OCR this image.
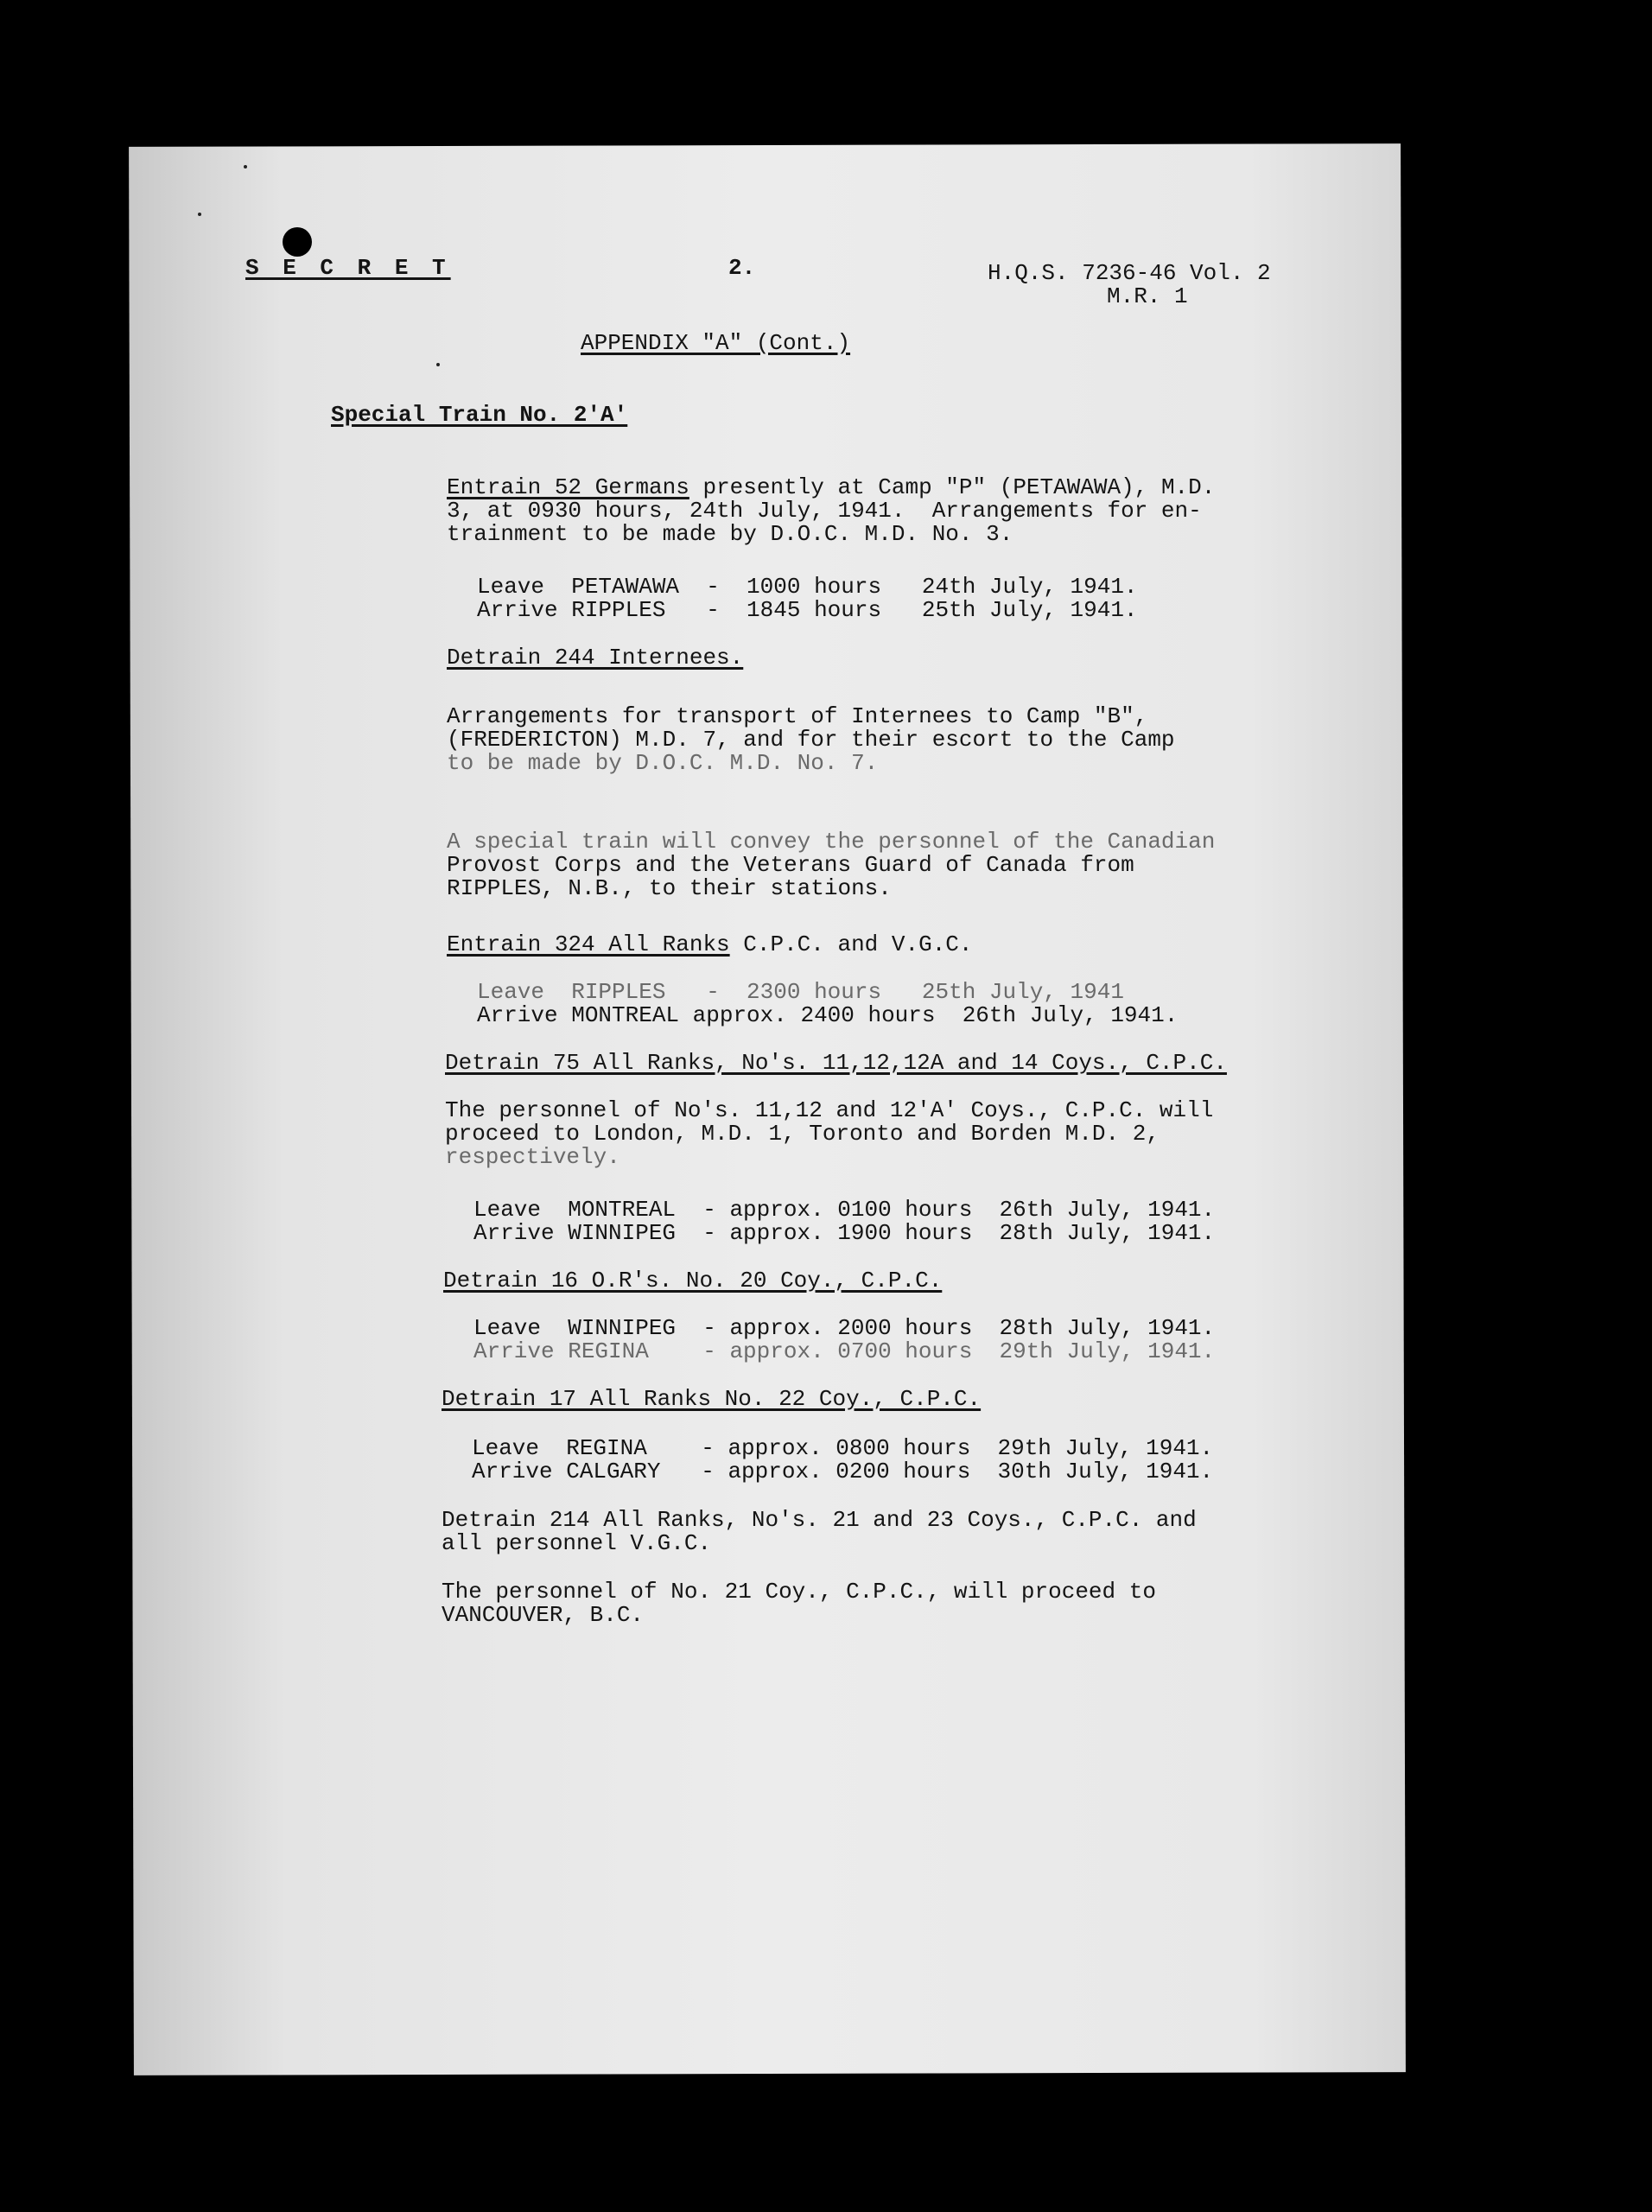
S E C R E T	2.	H.Q.S. 7236-46 Vol. 2
M.R. 1
APPENDIX "A" (Cont.)
Special Train No. 2'A'
Entrain 52 Germans presently at Camp "P" (PETAWAWA), M.D.
3, at 0930 hours, 24th July, 1941.  Arrangements for en-
trainment to be made by D.O.C. M.D. No. 3.
Leave  PETAWAWA  -  1000 hours   24th July, 1941.
Arrive RIPPLES   -  1845 hours   25th July, 1941.
Detrain 244 Internees.
Arrangements for transport of Internees to Camp "B",
(FREDERICTON) M.D. 7, and for their escort to the Camp
to be made by D.O.C. M.D. No. 7.
A special train will convey the personnel of the Canadian
Provost Corps and the Veterans Guard of Canada from
RIPPLES, N.B., to their stations.
Entrain 324 All Ranks C.P.C. and V.G.C.
Leave  RIPPLES   -  2300 hours   25th July, 1941
Arrive MONTREAL approx. 2400 hours  26th July, 1941.
Detrain 75 All Ranks, No's. 11,12,12A and 14 Coys., C.P.C.
The personnel of No's. 11,12 and 12'A' Coys., C.P.C. will
proceed to London, M.D. 1, Toronto and Borden M.D. 2,
respectively.
Leave  MONTREAL  - approx. 0100 hours  26th July, 1941.
Arrive WINNIPEG  - approx. 1900 hours  28th July, 1941.
Detrain 16 O.R's. No. 20 Coy., C.P.C.
Leave  WINNIPEG  - approx. 2000 hours  28th July, 1941.
Arrive REGINA    - approx. 0700 hours  29th July, 1941.
Detrain 17 All Ranks No. 22 Coy., C.P.C.
Leave  REGINA    - approx. 0800 hours  29th July, 1941.
Arrive CALGARY   - approx. 0200 hours  30th July, 1941.
Detrain 214 All Ranks, No's. 21 and 23 Coys., C.P.C. and
all personnel V.G.C.
The personnel of No. 21 Coy., C.P.C., will proceed to
VANCOUVER, B.C.
